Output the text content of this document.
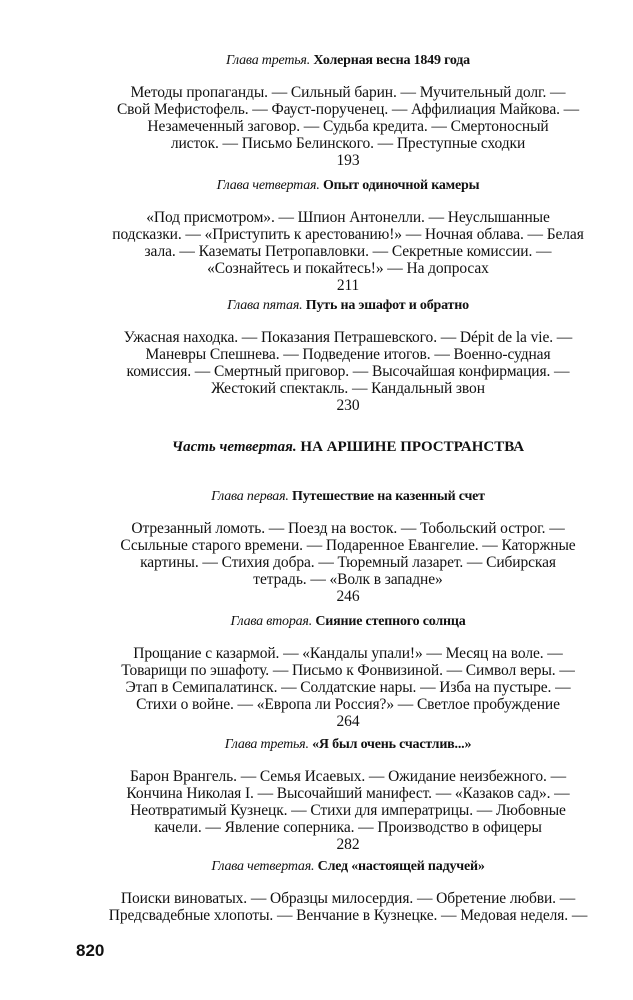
Глава третья. Холерная весна 1849 года
Методы пропаганды. — Сильный барин. — Мучительный долг. —
Свой Мефистофель. — Фауст-порученец. — Аффилиация Майкова. —
Незамеченный заговор. — Судьба кредита. — Смертоносный
листок. — Письмо Белинского. — Преступные сходки
193
Глава четвертая. Опыт одиночной камеры
«Под присмотром». — Шпион Антонелли. — Неуслышанные
подсказки. — «Приступить к арестованию!» — Ночная облава. — Белая
зала. — Казематы Петропавловки. — Секретные комиссии. —
«Сознайтесь и покайтесь!» — На допросах
211
Глава пятая. Путь на эшафот и обратно
Ужасная находка. — Показания Петрашевского. — Dépit de la vie. —
Маневры Спешнева. — Подведение итогов. — Военно-судная
комиссия. — Смертный приговор. — Высочайшая конфирмация. —
Жестокий спектакль. — Кандальный звон
230
Часть четвертая. НА АРШИНЕ ПРОСТРАНСТВА
Глава первая. Путешествие на казенный счет
Отрезанный ломоть. — Поезд на восток. — Тобольский острог. —
Ссыльные старого времени. — Подаренное Евангелие. — Каторжные
картины. — Стихия добра. — Тюремный лазарет. — Сибирская
тетрадь. — «Волк в западне»
246
Глава вторая. Сияние степного солнца
Прощание с казармой. — «Кандалы упали!» — Месяц на воле. —
Товарищи по эшафоту. — Письмо к Фонвизиной. — Символ веры. —
Этап в Семипалатинск. — Солдатские нары. — Изба на пустыре. —
Стихи о войне. — «Европа ли Россия?» — Светлое пробуждение
264
Глава третья. «Я был очень счастлив...»
Барон Врангель. — Семья Исаевых. — Ожидание неизбежного. —
Кончина Николая I. — Высочайший манифест. — «Казаков сад». —
Неотвратимый Кузнецк. — Стихи для императрицы. — Любовные
качели. — Явление соперника. — Производство в офицеры
282
Глава четвертая. След «настоящей падучей»
Поиски виноватых. — Образцы милосердия. — Обретение любви. —
Предсвадебные хлопоты. — Венчание в Кузнецке. — Медовая неделя. —
820
